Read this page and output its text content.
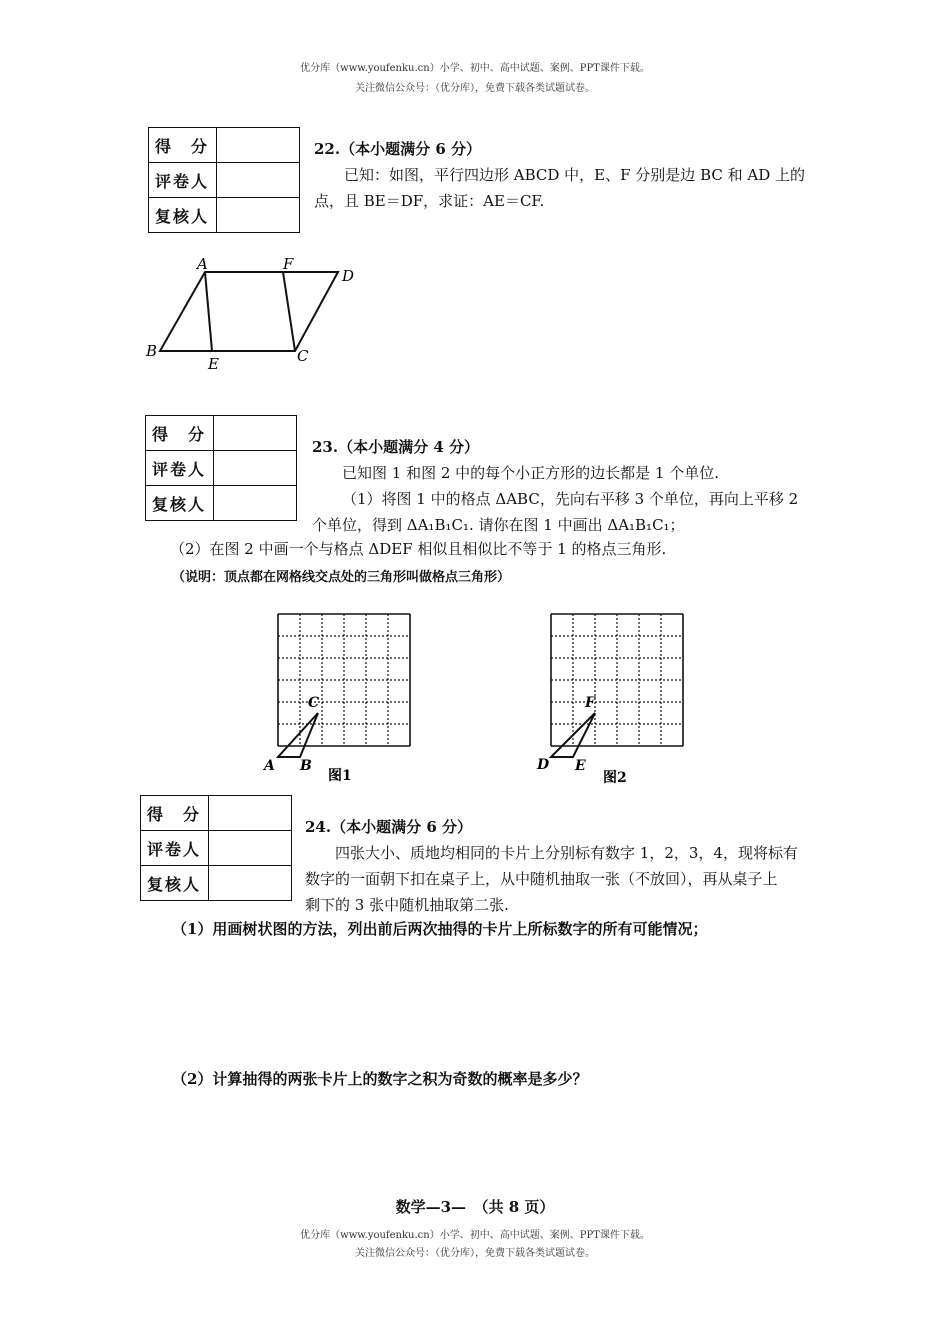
优分库（www.youfenku.cn）小学、初中、高中试题、案例、PPT课件下载。
关注微信公众号：（优分库），免费下载各类试题试卷。
得　分	
评卷人	
复核人	
22.（本小题满分 6 分）
已知：如图，平行四边形 ABCD 中，E、F 分别是边 BC 和 AD 上的
点，且 BE＝DF，求证：AE＝CF.
A	F
D
B
E	C
得　分	
评卷人	
复核人	
23.（本小题满分 4 分）
已知图 1 和图 2 中的每个小正方形的边长都是 1 个单位.
（1）将图 1 中的格点 ΔABC，先向右平移 3 个单位，再向上平移 2
个单位，得到 ΔA₁B₁C₁. 请你在图 1 中画出 ΔA₁B₁C₁；
（2）在图 2 中画一个与格点 ΔDEF 相似且相似比不等于 1 的格点三角形.
（说明：顶点都在网格线交点处的三角形叫做格点三角形）
A B
C
图1
D E
F
图2
得　分	
评卷人	
复核人	
24.（本小题满分 6 分）
四张大小、质地均相同的卡片上分别标有数字 1，2，3，4，现将标有
数字的一面朝下扣在桌子上，从中随机抽取一张（不放回），再从桌子上
剩下的 3 张中随机抽取第二张.
（1）用画树状图的方法，列出前后两次抽得的卡片上所标数字的所有可能情况；
（2）计算抽得的两张卡片上的数字之积为奇数的概率是多少？
数学—3—　（共 8 页）
优分库（www.youfenku.cn）小学、初中、高中试题、案例、PPT课件下载。
关注微信公众号：（优分库），免费下载各类试题试卷。
